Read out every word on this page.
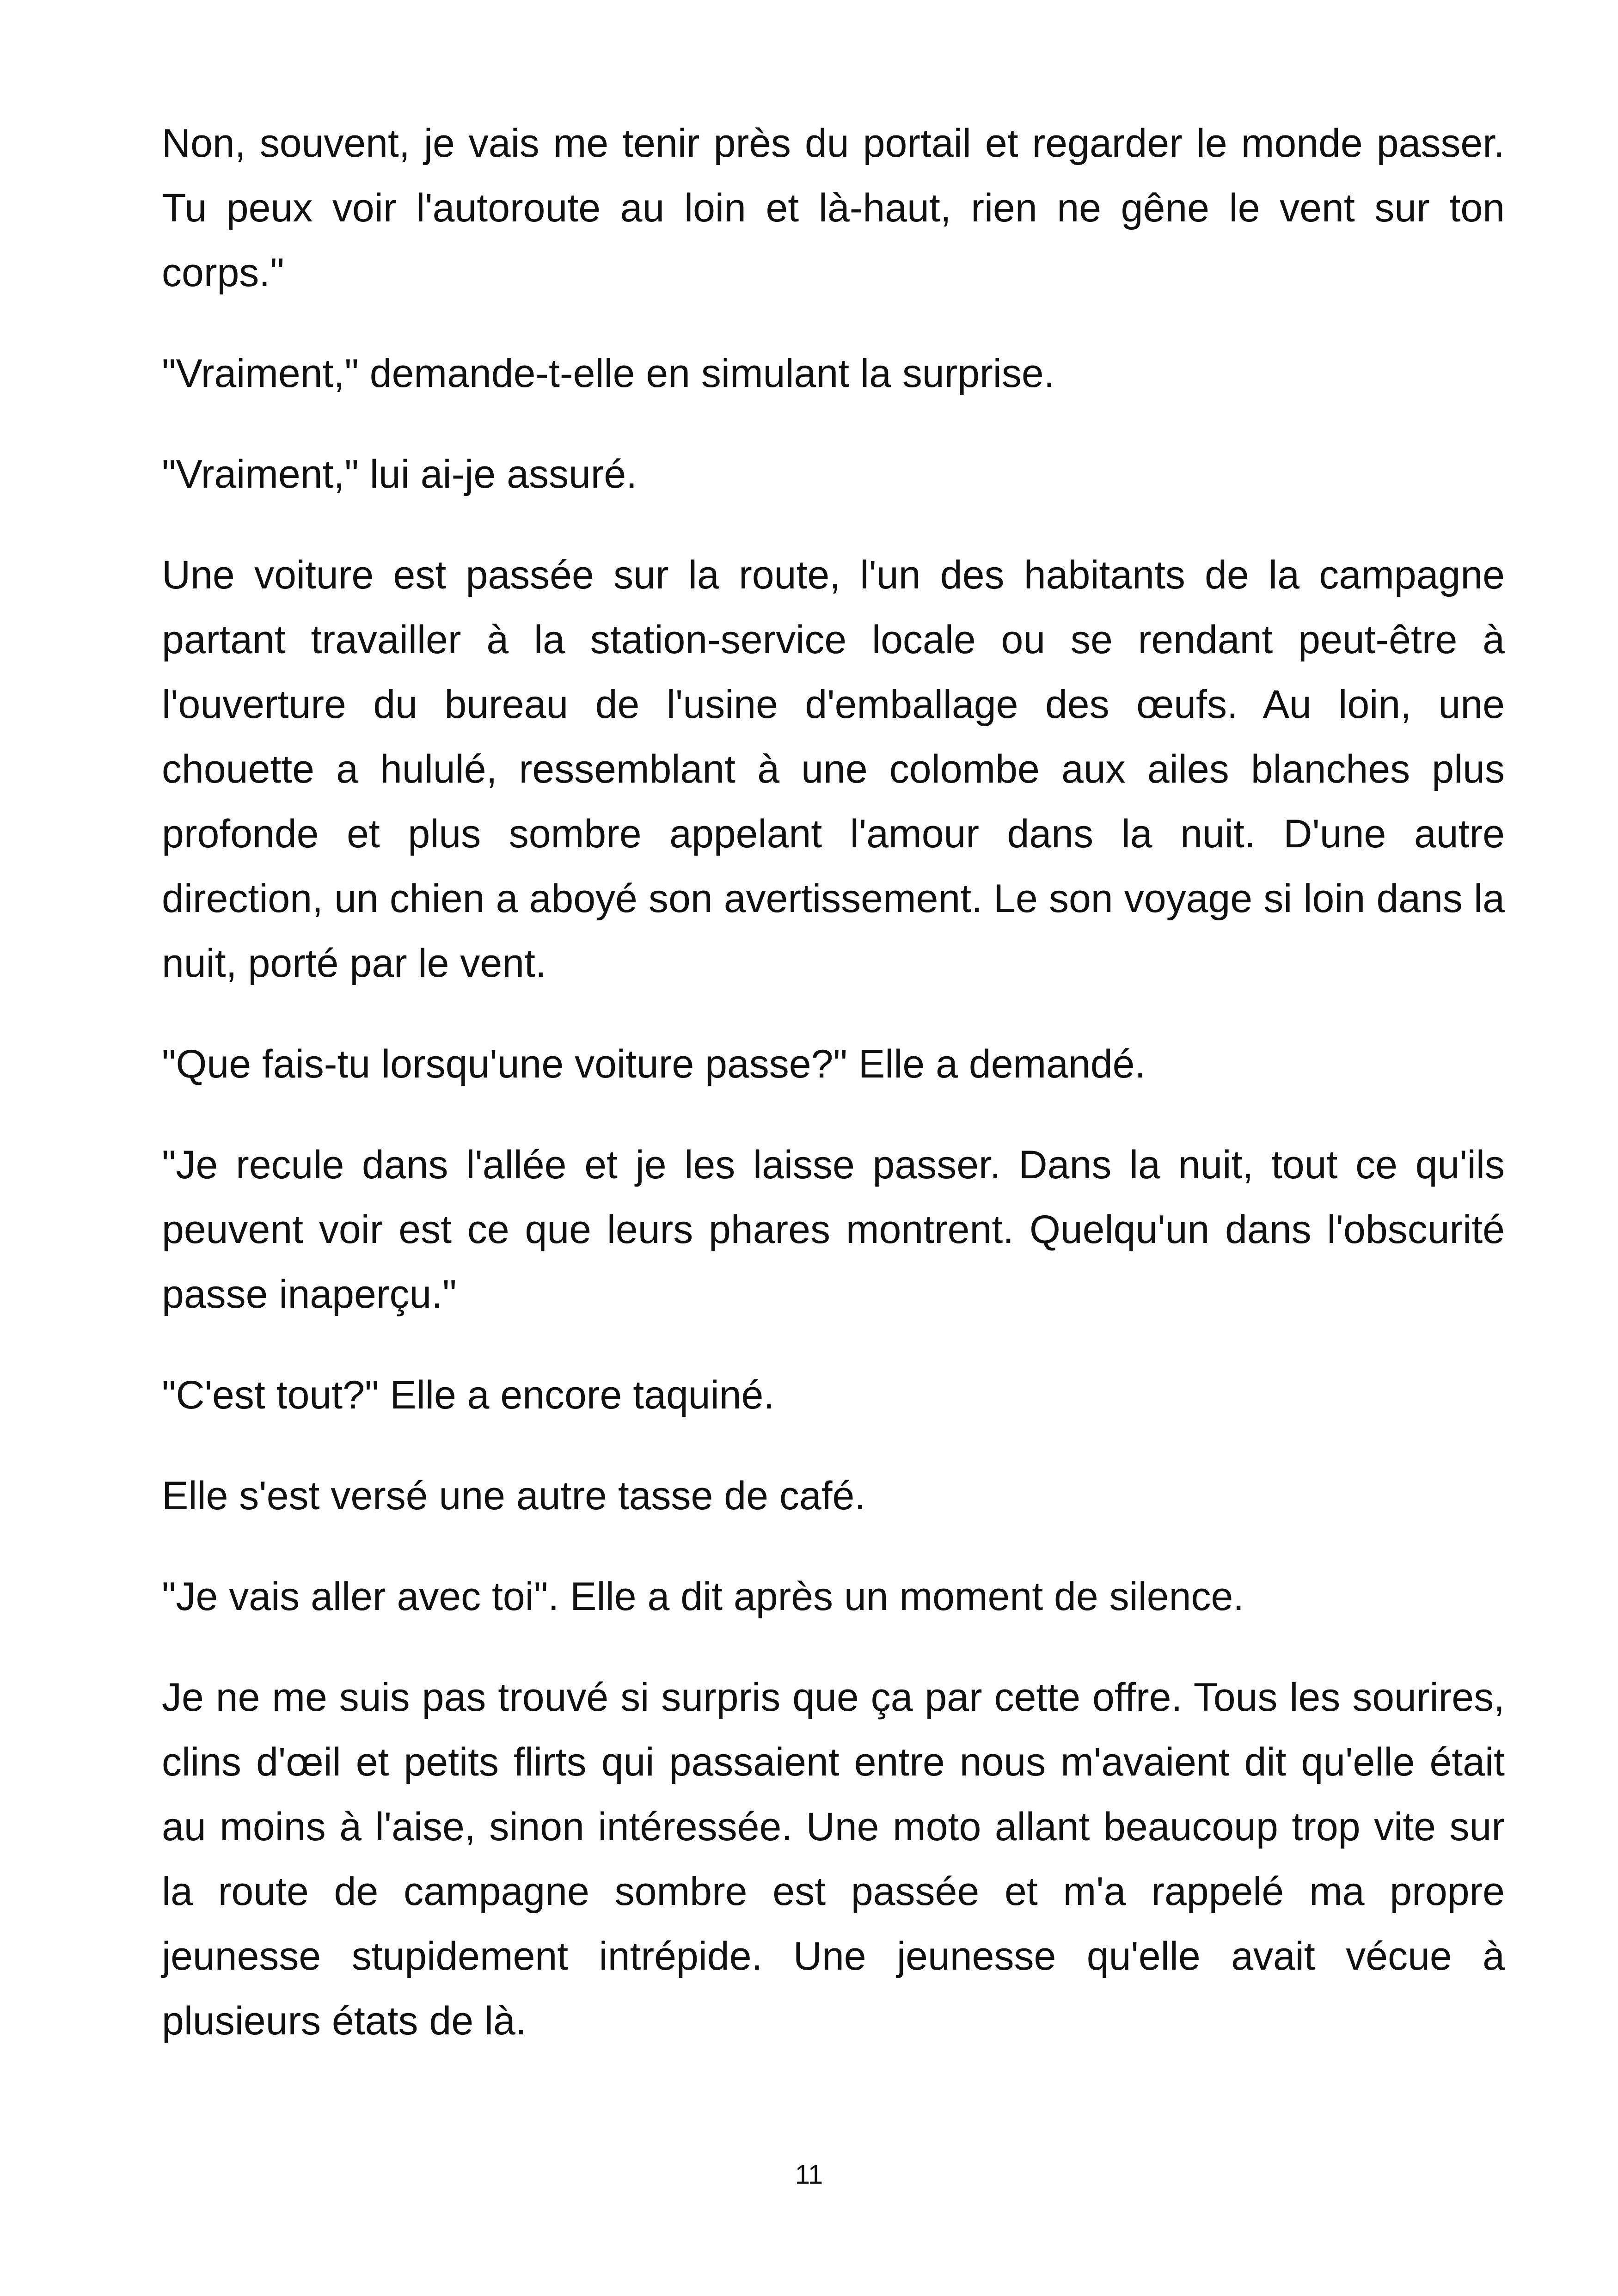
Non, souvent, je vais me tenir près du portail et regarder le monde passer. Tu peux voir l'autoroute au loin et là-haut, rien ne gêne le vent sur ton corps."

"Vraiment," demande-t-elle en simulant la surprise.

"Vraiment," lui ai-je assuré.

Une voiture est passée sur la route, l'un des habitants de la campagne partant travailler à la station-service locale ou se rendant peut-être à l'ouverture du bureau de l'usine d'emballage des œufs. Au loin, une chouette a hululé, ressemblant à une colombe aux ailes blanches plus profonde et plus sombre appelant l'amour dans la nuit. D'une autre direction, un chien a aboyé son avertissement. Le son voyage si loin dans la nuit, porté par le vent.

"Que fais-tu lorsqu'une voiture passe?" Elle a demandé.

"Je recule dans l'allée et je les laisse passer. Dans la nuit, tout ce qu'ils peuvent voir est ce que leurs phares montrent. Quelqu'un dans l'obscurité passe inaperçu."

"C'est tout?" Elle a encore taquiné.

Elle s'est versé une autre tasse de café.

"Je vais aller avec toi". Elle a dit après un moment de silence.

Je ne me suis pas trouvé si surpris que ça par cette offre. Tous les sourires, clins d'œil et petits flirts qui passaient entre nous m'avaient dit qu'elle était au moins à l'aise, sinon intéressée. Une moto allant beaucoup trop vite sur la route de campagne sombre est passée et m'a rappelé ma propre jeunesse stupidement intrépide. Une jeunesse qu'elle avait vécue à plusieurs états de là.

11
